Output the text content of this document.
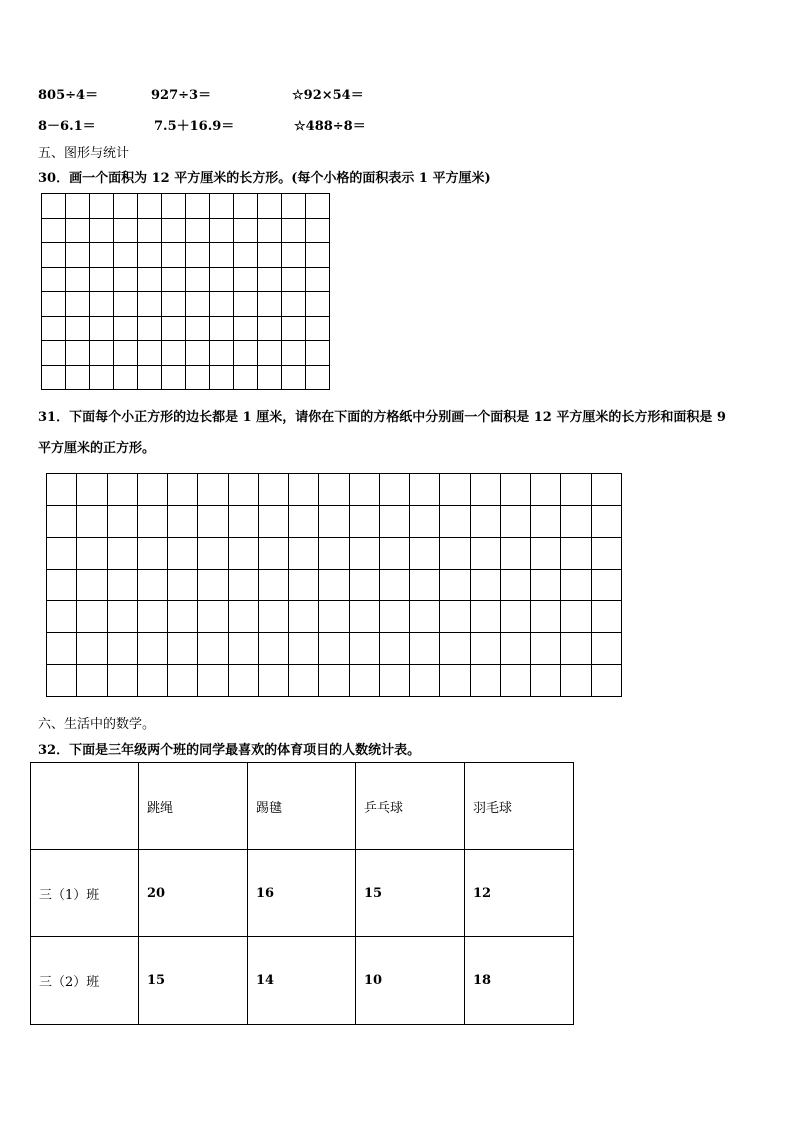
805÷4＝	927÷3＝	☆92×54＝
8－6.1＝	7.5＋16.9＝	☆488÷8＝
五、图形与统计
30．画一个面积为 12 平方厘米的长方形。(每个小格的面积表示 1 平方厘米)

31．下面每个小正方形的边长都是 1 厘米，请你在下面的方格纸中分别画一个面积是 12 平方厘米的长方形和面积是 9
平方厘米的正方形。

六、生活中的数学。
32．下面是三年级两个班的同学最喜欢的体育项目的人数统计表。
	跳绳	踢毽	乒乓球	羽毛球
三（1）班	20	16	15	12
三（2）班	15	14	10	18
